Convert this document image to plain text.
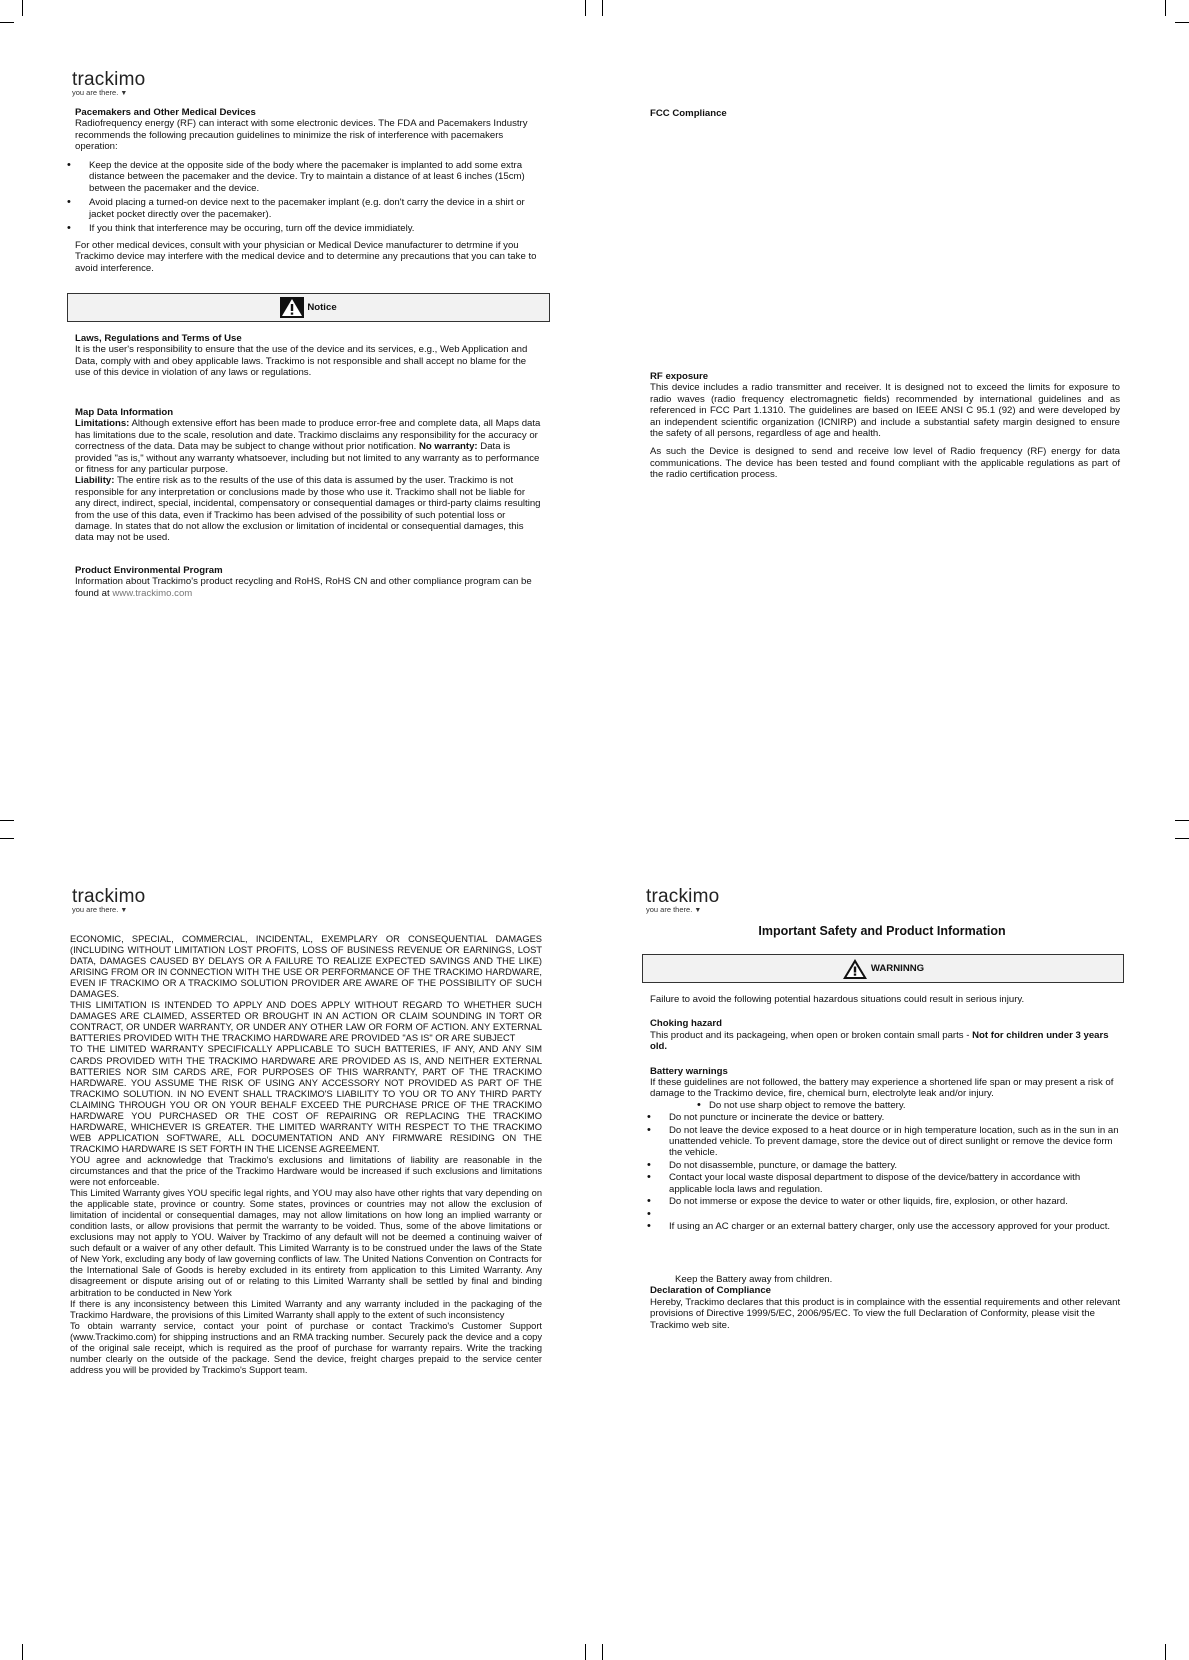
trackimo
you are there. ▼

Pacemakers and Other Medical Devices

Radiofrequency energy (RF) can interact with some electronic devices. The FDA and Pacemakers Industry recommends the following precaution guidelines to minimize the risk of interference with pacemakers operation:

• Keep the device at the opposite side of the body where the pacemaker is implanted to add some extra distance between the pacemaker and the device. Try to maintain a distance of at least 6 inches (15cm) between the pacemaker and the device.
• Avoid placing a turned-on device next to the pacemaker implant (e.g. don't carry the device in a shirt or jacket pocket directly over the pacemaker).
• If you think that interference may be occuring, turn off the device immidiately.

For other medical devices, consult with your physician or Medical Device manufacturer to detrmine if you Trackimo device may interfere with the medical device and to determine any precautions that you can take to avoid interference.

Notice

Laws, Regulations and Terms of Use

It is the user's responsibility to ensure that the use of the device and its services, e.g., Web Application and Data, comply with and obey applicable laws. Trackimo is not responsible and shall accept no blame for the use of this device in violation of any laws or regulations.

Map Data Information

Limitations: Although extensive effort has been made to produce error-free and complete data, all Maps data has limitations due to the scale, resolution and date. Trackimo disclaims any responsibility for the accuracy or correctness of the data. Data may be subject to change without prior notification. No warranty: Data is provided "as is," without any warranty whatsoever, including but not limited to any warranty as to performance or fitness for any particular purpose.

Liability: The entire risk as to the results of the use of this data is assumed by the user. Trackimo is not responsible for any interpretation or conclusions made by those who use it. Trackimo shall not be liable for any direct, indirect, special, incidental, compensatory or consequential damages or third-party claims resulting from the use of this data, even if Trackimo has been advised of the possibility of such potential loss or damage. In states that do not allow the exclusion or limitation of incidental or consequential damages, this data may not be used.

Product Environmental Program

Information about Trackimo's product recycling and RoHS, RoHS CN and other compliance program can be found at www.trackimo.com

FCC Compliance

RF exposure

This device includes a radio transmitter and receiver. It is designed not to exceed the limits for exposure to radio waves (radio frequency electromagnetic fields) recommended by international guidelines and as referenced in FCC Part 1.1310. The guidelines are based on IEEE ANSI C 95.1 (92) and were developed by an independent scientific organization (ICNIRP) and include a substantial safety margin designed to ensure the safety of all persons, regardless of age and health.

As such the Device is designed to send and receive low level of Radio frequency (RF) energy for data communications. The device has been tested and found compliant with the applicable regulations as part of the radio certification process.

trackimo
you are there. ▼

ECONOMIC, SPECIAL, COMMERCIAL, INCIDENTAL, EXEMPLARY OR CONSEQUENTIAL DAMAGES (INCLUDING WITHOUT LIMITATION LOST PROFITS, LOSS OF BUSINESS REVENUE OR EARNINGS, LOST DATA, DAMAGES CAUSED BY DELAYS OR A FAILURE TO REALIZE EXPECTED SAVINGS AND THE LIKE) ARISING FROM OR IN CONNECTION WITH THE USE OR PERFORMANCE OF THE TRACKIMO HARDWARE, EVEN IF TRACKIMO OR A TRACKIMO SOLUTION PROVIDER ARE AWARE OF THE POSSIBILITY OF SUCH DAMAGES.

THIS LIMITATION IS INTENDED TO APPLY AND DOES APPLY WITHOUT REGARD TO WHETHER SUCH DAMAGES ARE CLAIMED, ASSERTED OR BROUGHT IN AN ACTION OR CLAIM SOUNDING IN TORT OR CONTRACT, OR UNDER WARRANTY, OR UNDER ANY OTHER LAW OR FORM OF ACTION. ANY EXTERNAL BATTERIES PROVIDED WITH THE TRACKIMO HARDWARE ARE PROVIDED "AS IS" OR ARE SUBJECT

TO THE LIMITED WARRANTY SPECIFICALLY APPLICABLE TO SUCH BATTERIES, IF ANY, AND ANY SIM CARDS PROVIDED WITH THE TRACKIMO HARDWARE ARE PROVIDED AS IS, AND NEITHER EXTERNAL BATTERIES NOR SIM CARDS ARE, FOR PURPOSES OF THIS WARRANTY, PART OF THE TRACKIMO HARDWARE. YOU ASSUME THE RISK OF USING ANY ACCESSORY NOT PROVIDED AS PART OF THE TRACKIMO SOLUTION. IN NO EVENT SHALL TRACKIMO'S LIABILITY TO YOU OR TO ANY THIRD PARTY CLAIMING THROUGH YOU OR ON YOUR BEHALF EXCEED THE PURCHASE PRICE OF THE TRACKIMO HARDWARE YOU PURCHASED OR THE COST OF REPAIRING OR REPLACING THE TRACKIMO HARDWARE, WHICHEVER IS GREATER. THE LIMITED WARRANTY WITH RESPECT TO THE TRACKIMO WEB APPLICATION SOFTWARE, ALL DOCUMENTATION AND ANY FIRMWARE RESIDING ON THE TRACKIMO HARDWARE IS SET FORTH IN THE LICENSE AGREEMENT.

YOU agree and acknowledge that Trackimo's exclusions and limitations of liability are reasonable in the circumstances and that the price of the Trackimo Hardware would be increased if such exclusions and limitations were not enforceable.

This Limited Warranty gives YOU specific legal rights, and YOU may also have other rights that vary depending on the applicable state, province or country. Some states, provinces or countries may not allow the exclusion of limitation of incidental or consequential damages, may not allow limitations on how long an implied warranty or condition lasts, or allow provisions that permit the warranty to be voided. Thus, some of the above limitations or exclusions may not apply to YOU. Waiver by Trackimo of any default will not be deemed a continuing waiver of such default or a waiver of any other default. This Limited Warranty is to be construed under the laws of the State of New York, excluding any body of law governing conflicts of law. The United Nations Convention on Contracts for the International Sale of Goods is hereby excluded in its entirety from application to this Limited Warranty. Any disagreement or dispute arising out of or relating to this Limited Warranty shall be settled by final and binding arbitration to be conducted in New York

If there is any inconsistency between this Limited Warranty and any warranty included in the packaging of the Trackimo Hardware, the provisions of this Limited Warranty shall apply to the extent of such inconsistency

To obtain warranty service, contact your point of purchase or contact Trackimo's Customer Support (www.Trackimo.com) for shipping instructions and an RMA tracking number. Securely pack the device and a copy of the original sale receipt, which is required as the proof of purchase for warranty repairs. Write the tracking number clearly on the outside of the package. Send the device, freight charges prepaid to the service center address you will be provided by Trackimo's Support team.

trackimo
you are there. ▼

Important Safety and Product Information

WARNINNG

Failure to avoid the following potential hazardous situations could result in serious injury.

Choking hazard

This product and its packageing, when open or broken contain small parts - Not for children under 3 years old.

Battery warnings

If these guidelines are not followed, the battery may experience a shortened life span or may present a risk of damage to the Trackimo device, fire, chemical burn, electrolyte leak and/or injury.

• Do not use sharp object to remove the battery.
• Do not puncture or incinerate the device or battery.
• Do not leave the device exposed to a heat dource or in high temperature location, such as in the sun in an unattended vehicle. To prevent damage, store the device out of direct sunlight or remove the device form the vehicle.
• Do not disassemble, puncture, or damage the battery.
• Contact your local waste disposal department to dispose of the device/battery in accordance with applicable locla laws and regulation.
• Do not immerse or expose the device to water or other liquids, fire, explosion, or other hazard.
•
• If using an AC charger or an external battery charger, only use the accessory approved for your product.

Keep the Battery away from children.

Declaration of Compliance

Hereby, Trackimo declares that this product is in complaince with the essential requirements and other relevant provisions of Directive 1999/5/EC, 2006/95/EC. To view the full Declaration of Conformity, please visit the Trackimo web site.
